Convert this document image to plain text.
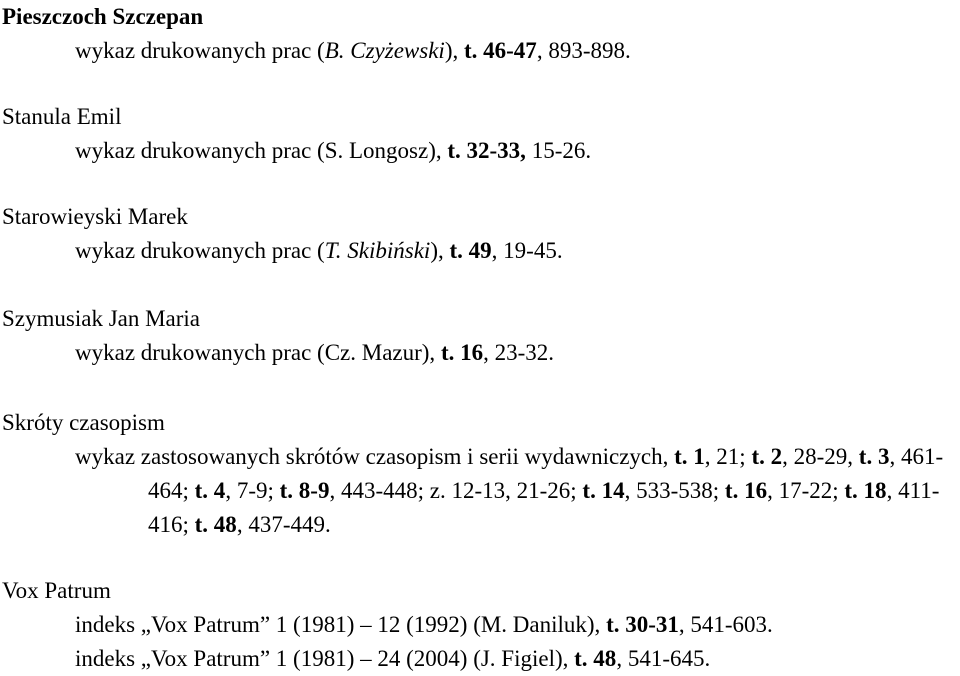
Pieszczoch Szczepan
wykaz drukowanych prac (B. Czyżewski), t. 46-47, 893-898.
Stanula Emil
wykaz drukowanych prac (S. Longosz), t. 32-33, 15-26.
Starowieyski Marek
wykaz drukowanych prac (T. Skibiński), t. 49, 19-45.
Szymusiak Jan Maria
wykaz drukowanych prac (Cz. Mazur), t. 16, 23-32.
Skróty czasopism
wykaz zastosowanych skrótów czasopism i serii wydawniczych, t. 1, 21; t. 2, 28-29, t. 3, 461-464; t. 4, 7-9; t. 8-9, 443-448; z. 12-13, 21-26; t. 14, 533-538; t. 16, 17-22; t. 18, 411-416; t. 48, 437-449.
Vox Patrum
indeks „Vox Patrum” 1 (1981) – 12 (1992) (M. Daniluk), t. 30-31, 541-603.
indeks „Vox Patrum” 1 (1981) – 24 (2004) (J. Figiel), t. 48, 541-645.
